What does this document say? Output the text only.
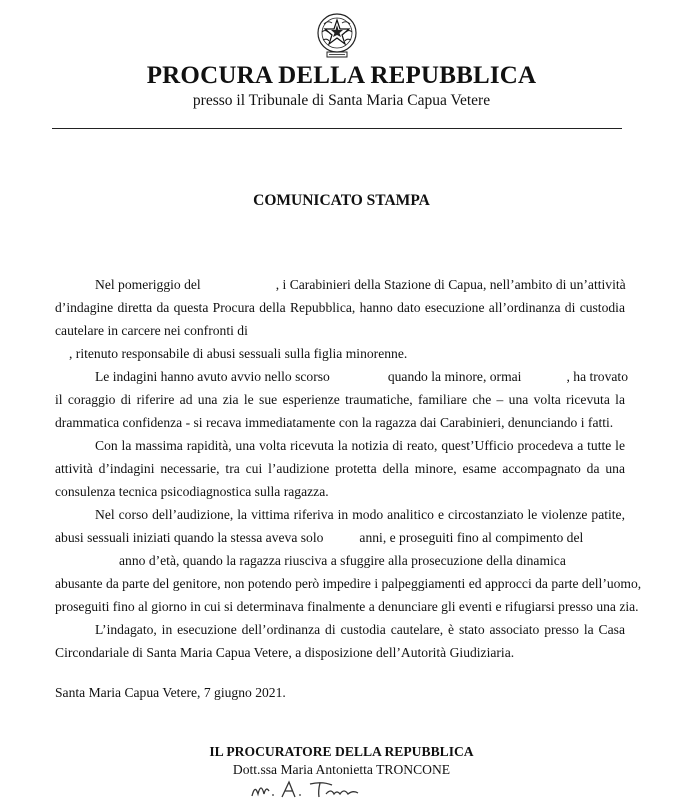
PROCURA DELLA REPUBBLICA
presso il Tribunale di Santa Maria Capua Vetere
COMUNICATO STAMPA
Nel pomeriggio del	, i Carabinieri della Stazione di Capua, nell’ambito di un’attività
d’indagine diretta da questa Procura della Repubblica, hanno dato esecuzione all’ordinanza di custodia
cautelare in carcere nei confronti di
, ritenuto responsabile di abusi sessuali sulla figlia minorenne.
Le indagini hanno avuto avvio nello scorso	quando la minore, ormai	, ha trovato
il coraggio di riferire ad una zia le sue esperienze traumatiche, familiare che – una volta ricevuta la
drammatica confidenza - si recava immediatamente con la ragazza dai Carabinieri, denunciando i fatti.
Con la massima rapidità, una volta ricevuta la notizia di reato, quest’Ufficio procedeva a tutte le
attività d’indagini necessarie, tra cui l’audizione protetta della minore, esame accompagnato da una
consulenza tecnica psicodiagnostica sulla ragazza.
Nel corso dell’audizione, la vittima riferiva in modo analitico e circostanziato le violenze patite,
abusi sessuali iniziati quando la stessa aveva solo	anni, e proseguiti fino al compimento del
anno d’età, quando la ragazza riusciva a sfuggire alla prosecuzione della dinamica
abusante da parte del genitore, non potendo però impedire i palpeggiamenti ed approcci da parte dell’uomo,
proseguiti fino al giorno in cui si determinava finalmente a denunciare gli eventi e rifugiarsi presso una zia.
L’indagato, in esecuzione dell’ordinanza di custodia cautelare, è stato associato presso la Casa
Circondariale di Santa Maria Capua Vetere, a disposizione dell’Autorità Giudiziaria.
Santa Maria Capua Vetere, 7 giugno 2021.
IL PROCURATORE DELLA REPUBBLICA
Dott.ssa Maria Antonietta TRONCONE
